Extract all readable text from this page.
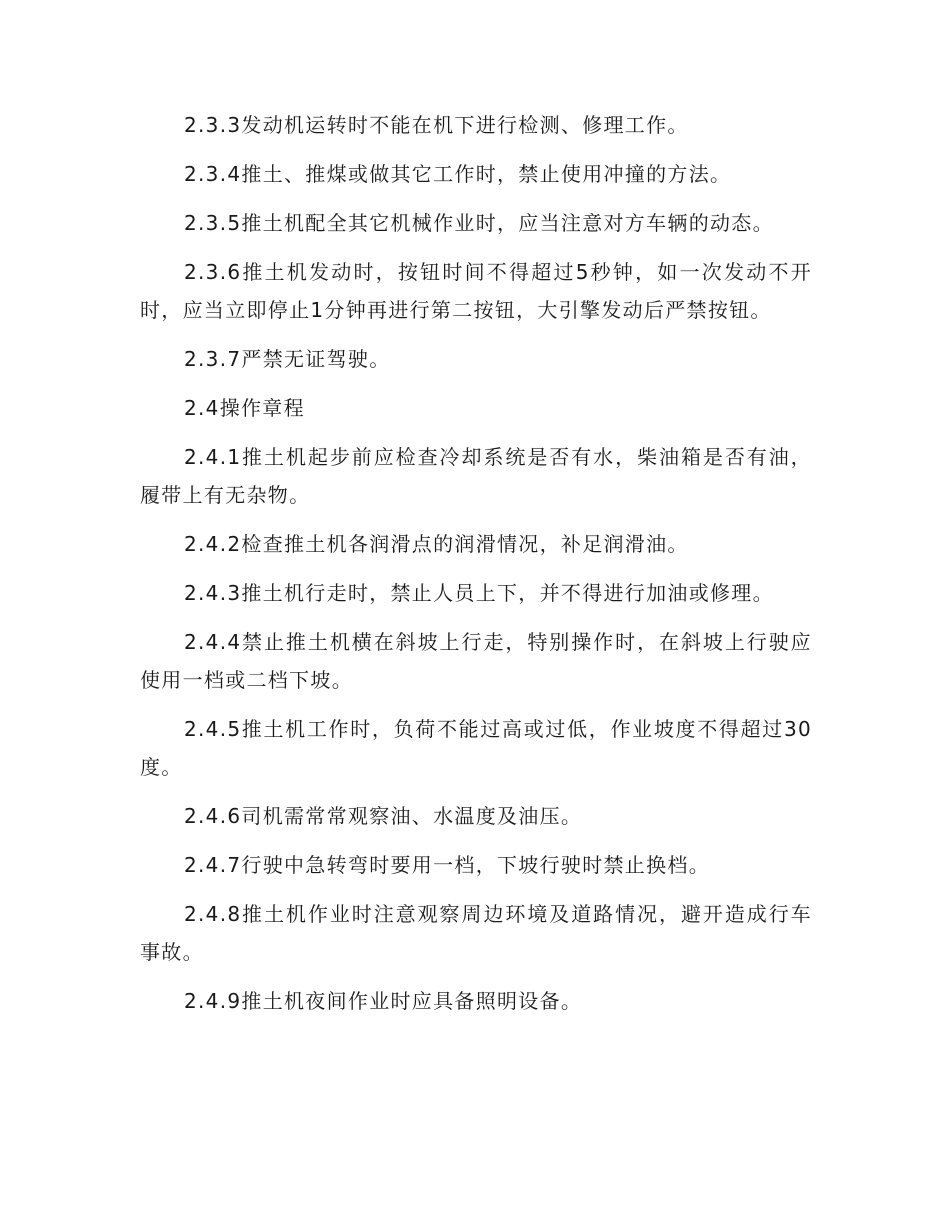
2.3.3发动机运转时不能在机下进行检测、修理工作。

2.3.4推土、推煤或做其它工作时，禁止使用冲撞的方法。

2.3.5推土机配全其它机械作业时，应当注意对方车辆的动态。

2.3.6推土机发动时，按钮时间不得超过5秒钟，如一次发动不开时，应当立即停止1分钟再进行第二按钮，大引擎发动后严禁按钮。

2.3.7严禁无证驾驶。

2.4操作章程

2.4.1推土机起步前应检查冷却系统是否有水，柴油箱是否有油，履带上有无杂物。

2.4.2检查推土机各润滑点的润滑情况，补足润滑油。

2.4.3推土机行走时，禁止人员上下，并不得进行加油或修理。

2.4.4禁止推土机横在斜坡上行走，特别操作时，在斜坡上行驶应使用一档或二档下坡。

2.4.5推土机工作时，负荷不能过高或过低，作业坡度不得超过30度。

2.4.6司机需常常观察油、水温度及油压。

2.4.7行驶中急转弯时要用一档，下坡行驶时禁止换档。

2.4.8推土机作业时注意观察周边环境及道路情况，避开造成行车事故。

2.4.9推土机夜间作业时应具备照明设备。
